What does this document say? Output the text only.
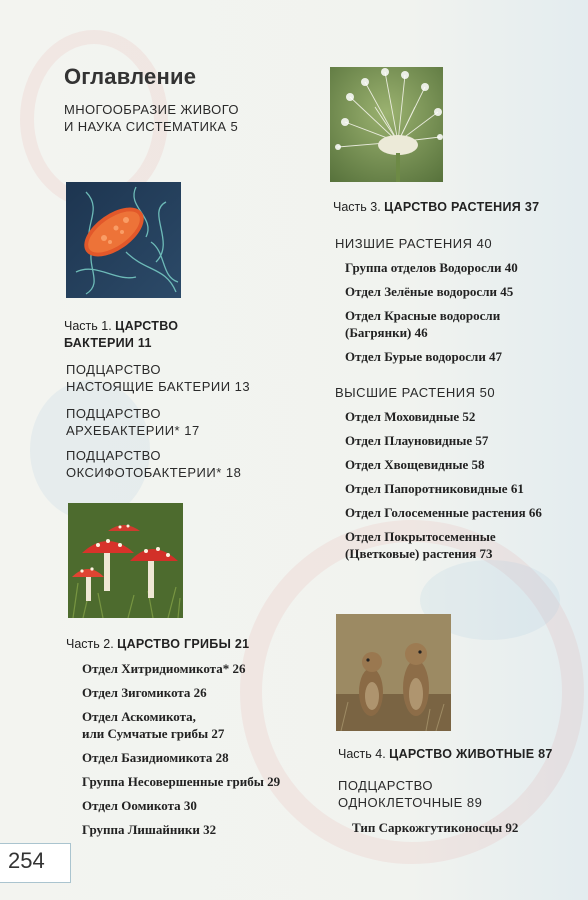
Оглавление
МНОГООБРАЗИЕ ЖИВОГО
И НАУКА СИСТЕМАТИКА 5
Часть 1. ЦАРСТВО
БАКТЕРИИ 11
ПОДЦАРСТВО
НАСТОЯЩИЕ БАКТЕРИИ 13
ПОДЦАРСТВО
АРХЕБАКТЕРИИ* 17
ПОДЦАРСТВО
ОКСИФОТОБАКТЕРИИ* 18
Часть 2. ЦАРСТВО ГРИБЫ 21
Отдел Хитридиомикота* 26
Отдел Зигомикота 26
Отдел Аскомикота,
или Сумчатые грибы 27
Отдел Базидиомикота 28
Группа Несовершенные грибы 29
Отдел Оомикота 30
Группа Лишайники 32
Часть 3. ЦАРСТВО РАСТЕНИЯ 37
НИЗШИЕ РАСТЕНИЯ 40
Группа отделов Водоросли 40
Отдел Зелёные водоросли 45
Отдел Красные водоросли
(Багрянки) 46
Отдел Бурые водоросли 47
ВЫСШИЕ РАСТЕНИЯ 50
Отдел Моховидные 52
Отдел Плауновидные 57
Отдел Хвощевидные 58
Отдел Папоротниковидные 61
Отдел Голосеменные растения 66
Отдел Покрытосеменные
(Цветковые) растения 73
Часть 4. ЦАРСТВО ЖИВОТНЫЕ 87
ПОДЦАРСТВО
ОДНОКЛЕТОЧНЫЕ 89
Тип Саркожгутиконосцы 92
254
